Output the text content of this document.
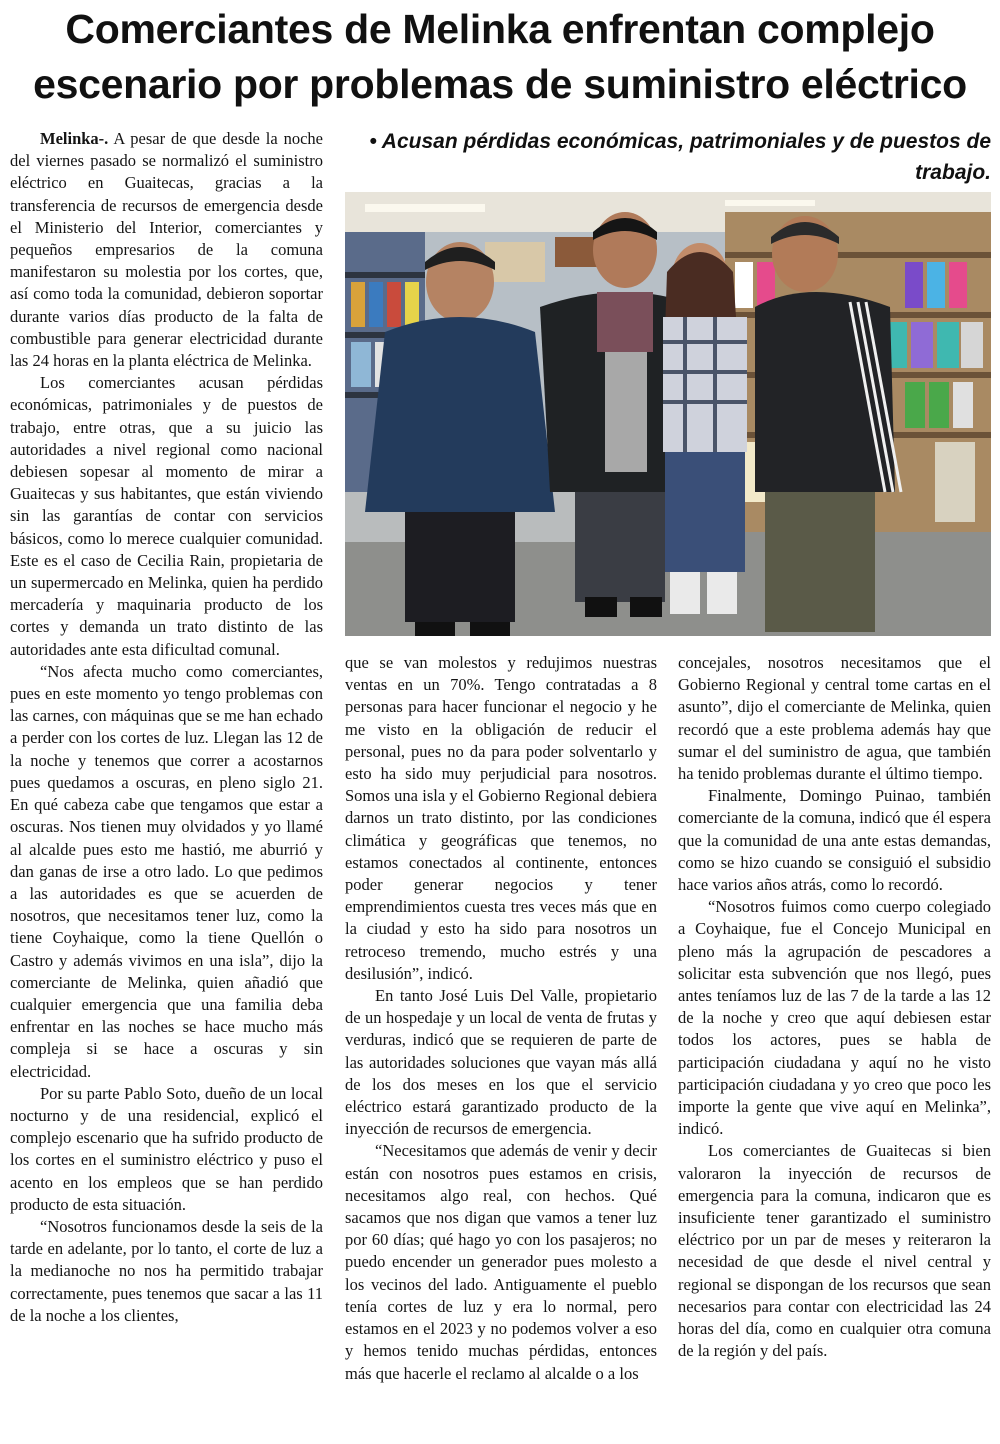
Comerciantes de Melinka enfrentan complejo
escenario por problemas de suministro eléctrico
• Acusan pérdidas económicas, patrimoniales y de puestos de trabajo.

Melinka-. A pesar de que desde la noche del viernes pasado se normalizó el suministro eléctrico en Guaitecas, gracias a la transferencia de recursos de emergencia desde el Ministerio del Interior, comerciantes y pequeños empresarios de la comuna manifestaron su molestia por los cortes, que, así como toda la comunidad, debieron soportar durante varios días producto de la falta de combustible para generar electricidad durante las 24 horas en la planta eléctrica de Melinka.

Los comerciantes acusan pérdidas económicas, patrimoniales y de puestos de trabajo, entre otras, que a su juicio las autoridades a nivel regional como nacional debiesen sopesar al momento de mirar a Guaitecas y sus habitantes, que están viviendo sin las garantías de contar con servicios básicos, como lo merece cualquier comunidad. Este es el caso de Cecilia Rain, propietaria de un supermercado en Melinka, quien ha perdido mercadería y maquinaria producto de los cortes y demanda un trato distinto de las autoridades ante esta dificultad comunal.

“Nos afecta mucho como comerciantes, pues en este momento yo tengo problemas con las carnes, con máquinas que se me han echado a perder con los cortes de luz. Llegan las 12 de la noche y tenemos que correr a acostarnos pues quedamos a oscuras, en pleno siglo 21. En qué cabeza cabe que tengamos que estar a oscuras. Nos tienen muy olvidados y yo llamé al alcalde pues esto me hastió, me aburrió y dan ganas de irse a otro lado. Lo que pedimos a las autoridades es que se acuerden de nosotros, que necesitamos tener luz, como la tiene Coyhaique, como la tiene Quellón o Castro y además vivimos en una isla”, dijo la comerciante de Melinka, quien añadió que cualquier emergencia que una familia deba enfrentar en las noches se hace mucho más compleja si se hace a oscuras y sin electricidad.

Por su parte Pablo Soto, dueño de un local nocturno y de una residencial, explicó el complejo escenario que ha sufrido producto de los cortes en el suministro eléctrico y puso el acento en los empleos que se han perdido producto de esta situación.

“Nosotros funcionamos desde la seis de la tarde en adelante, por lo tanto, el corte de luz a la medianoche no nos ha permitido trabajar correctamente, pues tenemos que sacar a las 11 de la noche a los clientes,

que se van molestos y redujimos nuestras ventas en un 70%. Tengo contratadas a 8 personas para hacer funcionar el negocio y he me visto en la obligación de reducir el personal, pues no da para poder solventarlo y esto ha sido muy perjudicial para nosotros. Somos una isla y el Gobierno Regional debiera darnos un trato distinto, por las condiciones climática y geográficas que tenemos, no estamos conectados al continente, entonces poder generar negocios y tener emprendimientos cuesta tres veces más que en la ciudad y esto ha sido para nosotros un retroceso tremendo, mucho estrés y una desilusión”, indicó.

En tanto José Luis Del Valle, propietario de un hospedaje y un local de venta de frutas y verduras, indicó que se requieren de parte de las autoridades soluciones que vayan más allá de los dos meses en los que el servicio eléctrico estará garantizado producto de la inyección de recursos de emergencia.

“Necesitamos que además de venir y decir están con nosotros pues estamos en crisis, necesitamos algo real, con hechos. Qué sacamos que nos digan que vamos a tener luz por 60 días; qué hago yo con los pasajeros; no puedo encender un generador pues molesto a los vecinos del lado. Antiguamente el pueblo tenía cortes de luz y era lo normal, pero estamos en el 2023 y no podemos volver a eso y hemos tenido muchas pérdidas, entonces más que hacerle el reclamo al alcalde o a los

concejales, nosotros necesitamos que el Gobierno Regional y central tome cartas en el asunto”, dijo el comerciante de Melinka, quien recordó que a este problema además hay que sumar el del suministro de agua, que también ha tenido problemas durante el último tiempo.

Finalmente, Domingo Puinao, también comerciante de la comuna, indicó que él espera que la comunidad de una ante estas demandas, como se hizo cuando se consiguió el subsidio hace varios años atrás, como lo recordó.

“Nosotros fuimos como cuerpo colegiado a Coyhaique, fue el Concejo Municipal en pleno más la agrupación de pescadores a solicitar esta subvención que nos llegó, pues antes teníamos luz de las 7 de la tarde a las 12 de la noche y creo que aquí debiesen estar todos los actores, pues se habla de participación ciudadana y aquí no he visto participación ciudadana y yo creo que poco les importe la gente que vive aquí en Melinka”, indicó.

Los comerciantes de Guaitecas si bien valoraron la inyección de recursos de emergencia para la comuna, indicaron que es insuficiente tener garantizado el suministro eléctrico por un par de meses y reiteraron la necesidad de que desde el nivel central y regional se dispongan de los recursos que sean necesarios para contar con electricidad las 24 horas del día, como en cualquier otra comuna de la región y del país.
